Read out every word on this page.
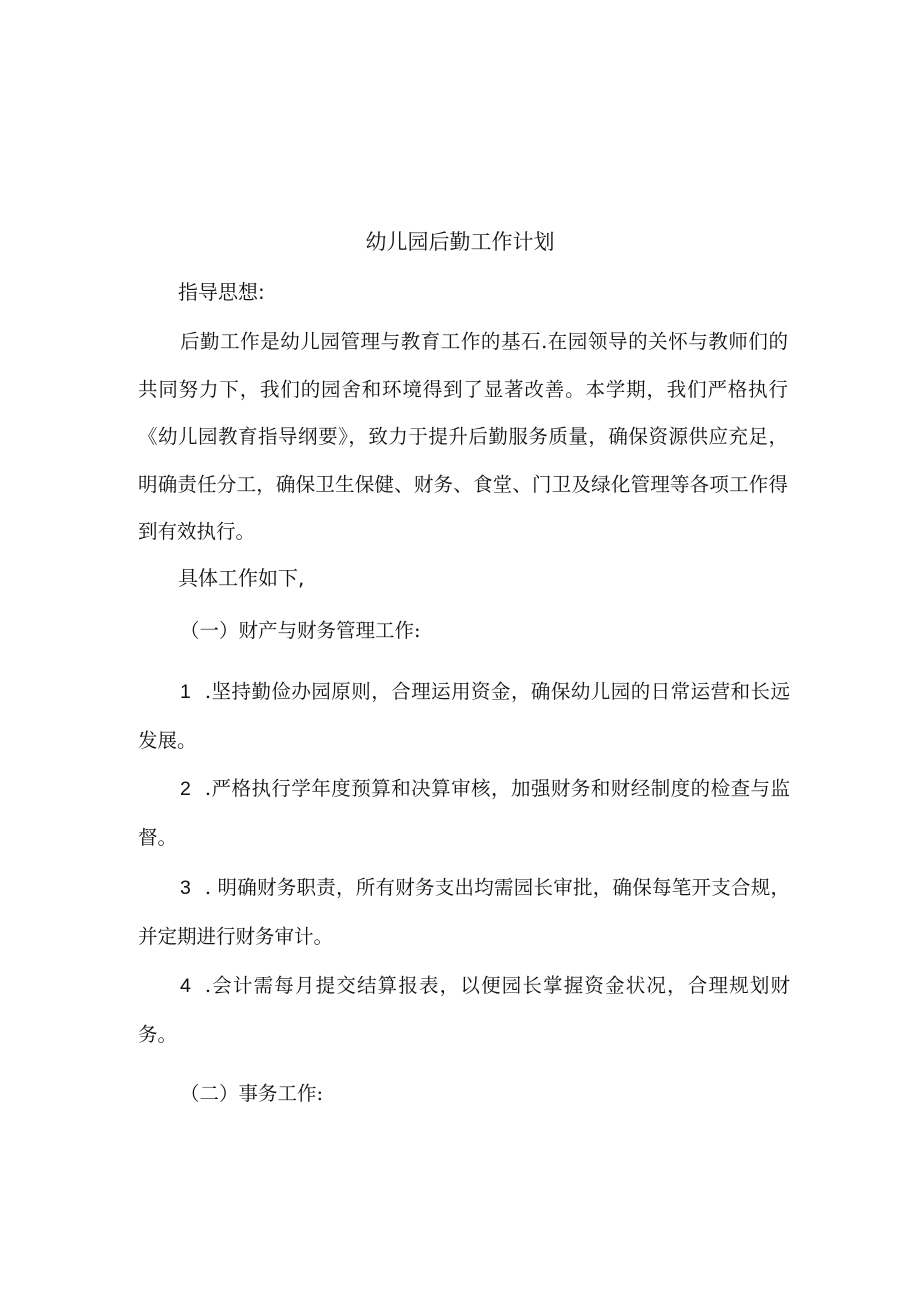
幼儿园后勤工作计划
指导思想:

后勤工作是幼儿园管理与教育工作的基石.在园领导的关怀与教师们的共同努力下，我们的园舍和环境得到了显著改善。本学期，我们严格执行《幼儿园教育指导纲要》，致力于提升后勤服务质量，确保资源供应充足，明确责任分工，确保卫生保健、财务、食堂、门卫及绿化管理等各项工作得到有效执行。

具体工作如下,
（一）财产与财务管理工作:

1 .坚持勤俭办园原则，合理运用资金，确保幼儿园的日常运营和长远发展。

2 .严格执行学年度预算和决算审核，加强财务和财经制度的检查与监督。

3 . 明确财务职责，所有财务支出均需园长审批，确保每笔开支合规，并定期进行财务审计。

4 .会计需每月提交结算报表，以便园长掌握资金状况，合理规划财务。

（二）事务工作:
